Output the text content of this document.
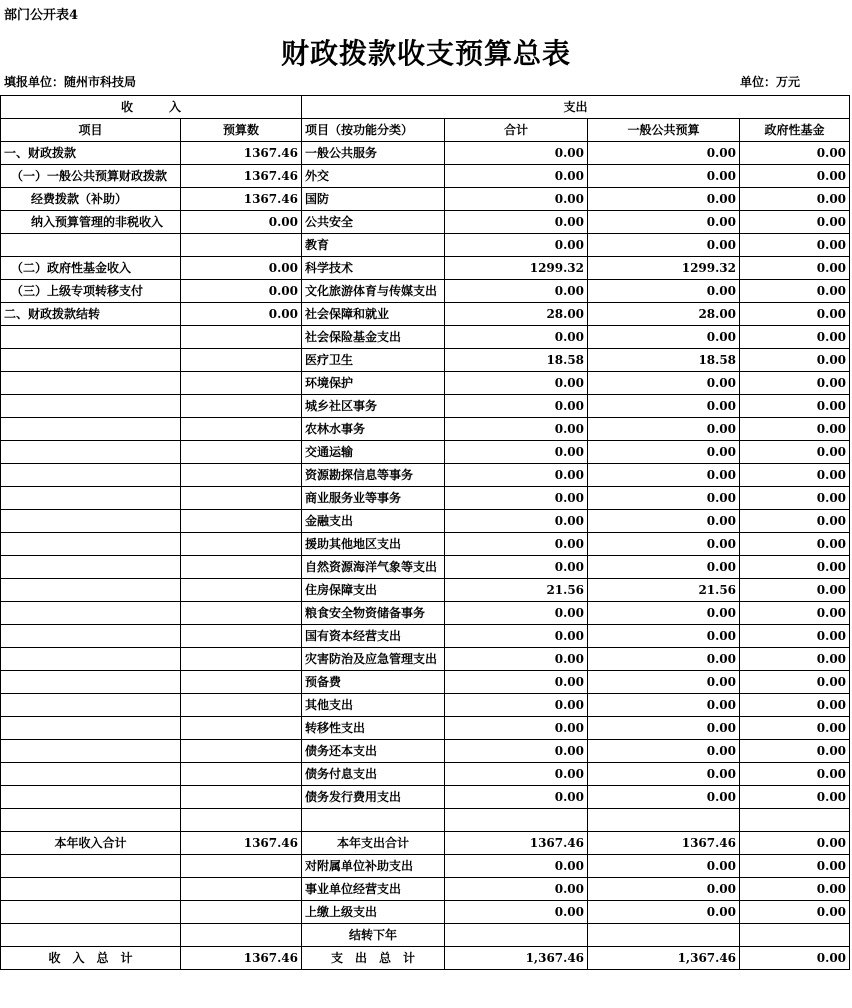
部门公开表4
财政拨款收支预算总表
填报单位：随州市科技局	单位：万元
收　　　入		支出			
项目	预算数	项目（按功能分类）	合计	一般公共预算	政府性基金
一、财政拨款	1367.46	一般公共服务	0.00	0.00	0.00
（一）一般公共预算财政拨款	1367.46	外交	0.00	0.00	0.00
经费拨款（补助）	1367.46	国防	0.00	0.00	0.00
纳入预算管理的非税收入	0.00	公共安全	0.00	0.00	0.00
		教育	0.00	0.00	0.00
（二）政府性基金收入	0.00	科学技术	1299.32	1299.32	0.00
（三）上级专项转移支付	0.00	文化旅游体育与传媒支出	0.00	0.00	0.00
二、财政拨款结转	0.00	社会保障和就业	28.00	28.00	0.00
		社会保险基金支出	0.00	0.00	0.00
		医疗卫生	18.58	18.58	0.00
		环境保护	0.00	0.00	0.00
		城乡社区事务	0.00	0.00	0.00
		农林水事务	0.00	0.00	0.00
		交通运输	0.00	0.00	0.00
		资源勘探信息等事务	0.00	0.00	0.00
		商业服务业等事务	0.00	0.00	0.00
		金融支出	0.00	0.00	0.00
		援助其他地区支出	0.00	0.00	0.00
		自然资源海洋气象等支出	0.00	0.00	0.00
		住房保障支出	21.56	21.56	0.00
		粮食安全物资储备事务	0.00	0.00	0.00
		国有资本经营支出	0.00	0.00	0.00
		灾害防治及应急管理支出	0.00	0.00	0.00
		预备费	0.00	0.00	0.00
		其他支出	0.00	0.00	0.00
		转移性支出	0.00	0.00	0.00
		债务还本支出	0.00	0.00	0.00
		债务付息支出	0.00	0.00	0.00
		债务发行费用支出	0.00	0.00	0.00

本年收入合计	1367.46	本年支出合计	1367.46	1367.46	0.00
		对附属单位补助支出	0.00	0.00	0.00
		事业单位经营支出	0.00	0.00	0.00
		上缴上级支出	0.00	0.00	0.00
		结转下年			
收　入　总　计	1367.46	支　出　总　计	1,367.46	1,367.46	0.00
